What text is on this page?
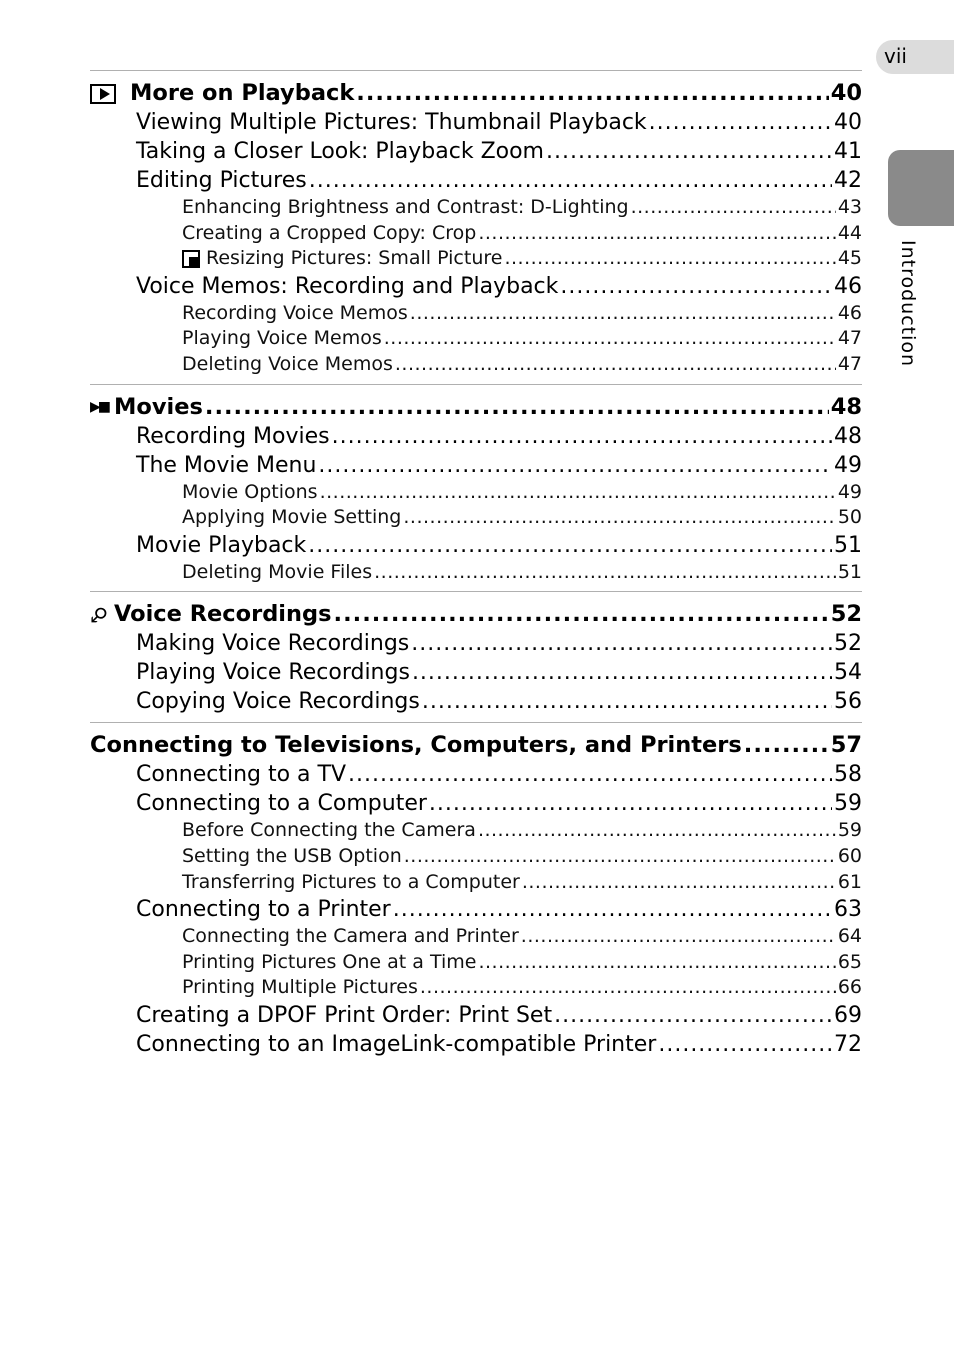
vii
Introduction
More on Playback .....	40
Viewing Multiple Pictures: Thumbnail Playback .....	40
Taking a Closer Look: Playback Zoom .....	41
Editing Pictures .....	42
Enhancing Brightness and Contrast: D-Lighting .....	43
Creating a Cropped Copy: Crop .....	44
Resizing Pictures: Small Picture .....	45
Voice Memos: Recording and Playback .....	46
Recording Voice Memos .....	46
Playing Voice Memos .....	47
Deleting Voice Memos .....	47
▶■ Movies .....	48
Recording Movies .....	48
The Movie Menu .....	49
Movie Options .....	49
Applying Movie Setting .....	50
Movie Playback .....	51
Deleting Movie Files .....	51
♂ Voice Recordings .....	52
Making Voice Recordings .....	52
Playing Voice Recordings .....	54
Copying Voice Recordings .....	56
Connecting to Televisions, Computers, and Printers .....	57
Connecting to a TV .....	58
Connecting to a Computer .....	59
Before Connecting the Camera .....	59
Setting the USB Option .....	60
Transferring Pictures to a Computer .....	61
Connecting to a Printer .....	63
Connecting the Camera and Printer .....	64
Printing Pictures One at a Time .....	65
Printing Multiple Pictures .....	66
Creating a DPOF Print Order: Print Set .....	69
Connecting to an ImageLink-compatible Printer .....	72
